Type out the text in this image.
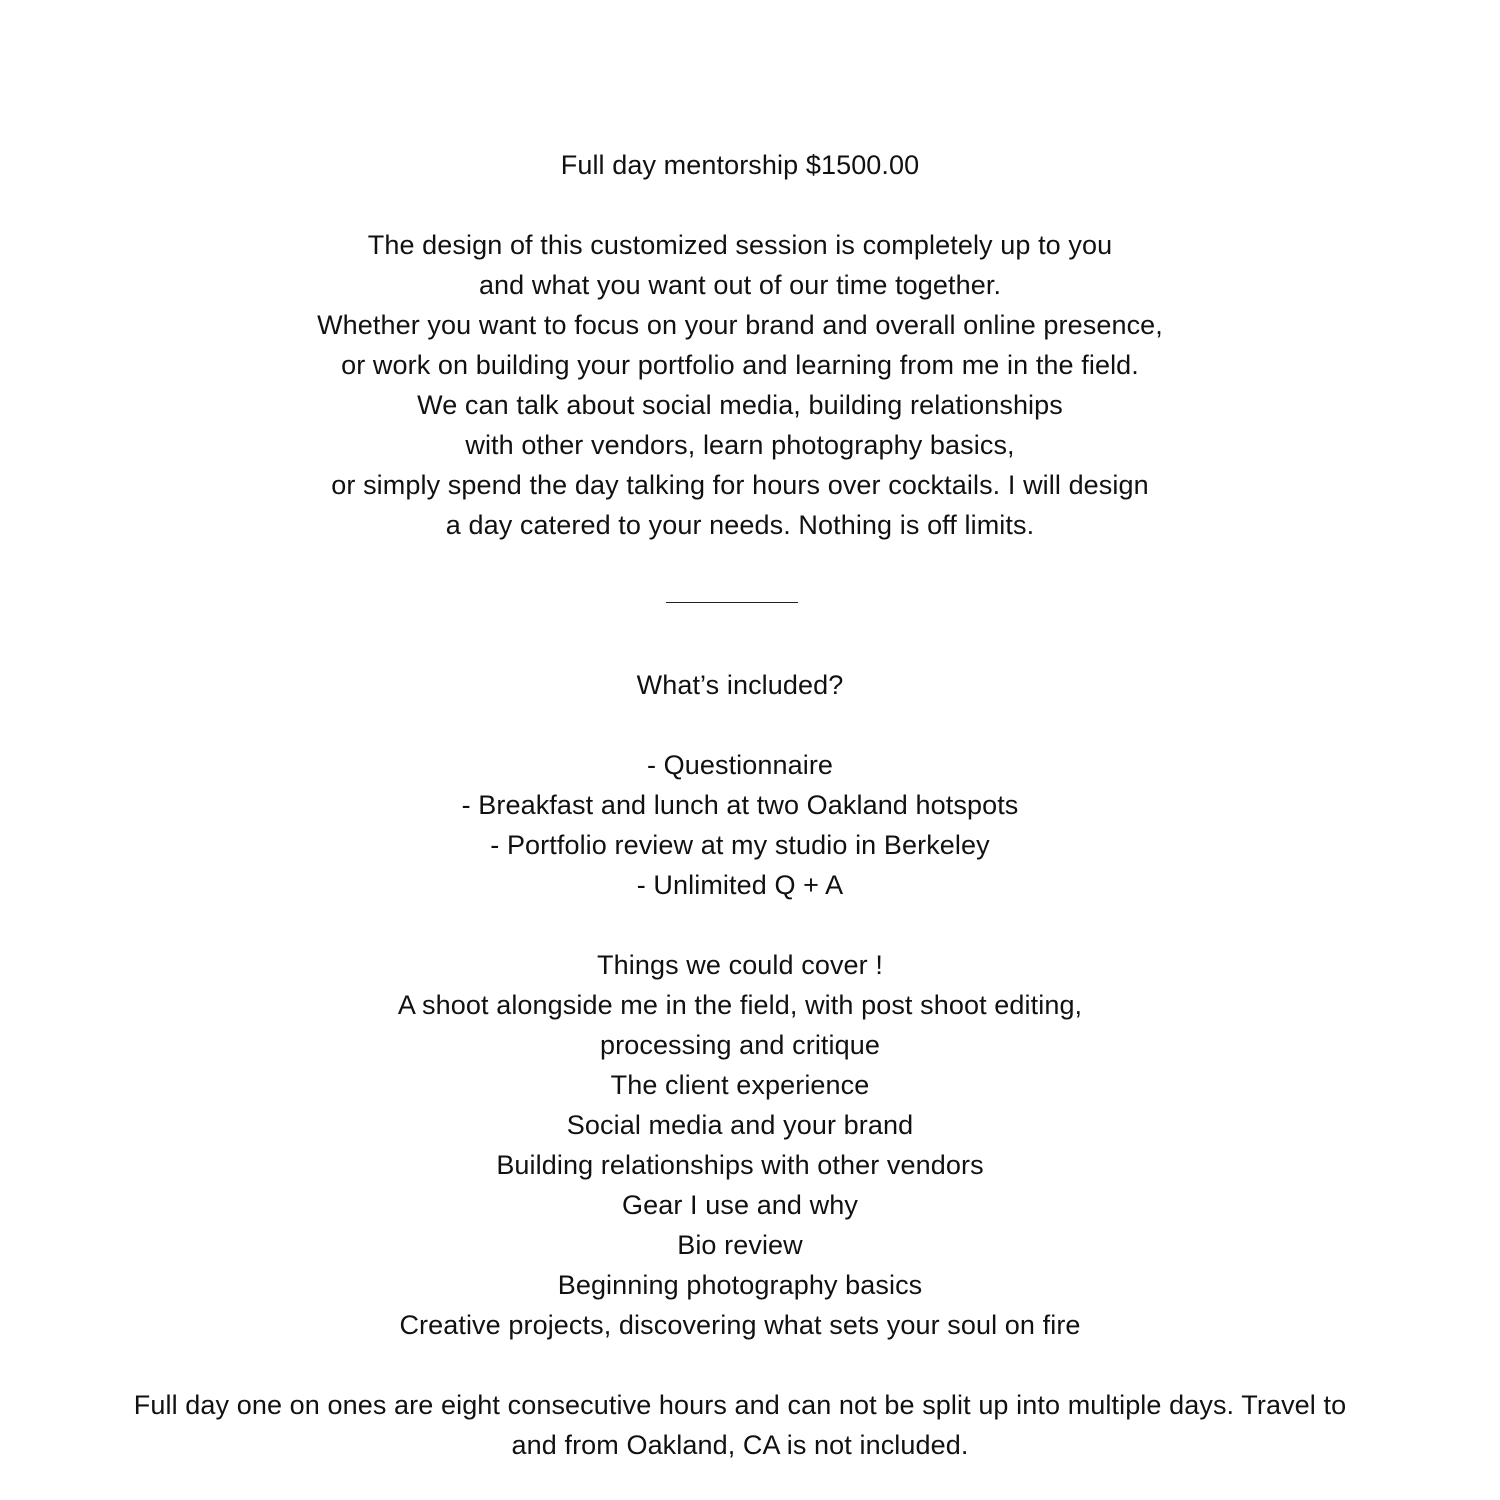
Full day mentorship $1500.00
The design of this customized session is completely up to you
and what you want out of our time together.
Whether you want to focus on your brand and overall online presence,
or work on building your portfolio and learning from me in the field.
We can talk about social media, building relationships
with other vendors, learn photography basics,
or simply spend the day talking for hours over cocktails. I will design
a day catered to your needs. Nothing is off limits.
What’s included?
- Questionnaire
- Breakfast and lunch at two Oakland hotspots
- Portfolio review at my studio in Berkeley
- Unlimited Q + A
Things we could cover !
A shoot alongside me in the field, with post shoot editing,
processing and critique
The client experience
Social media and your brand
Building relationships with other vendors
Gear I use and why
Bio review
Beginning photography basics
Creative projects, discovering what sets your soul on fire
Full day one on ones are eight consecutive hours and can not be split up into multiple days. Travel to
and from Oakland, CA is not included.
